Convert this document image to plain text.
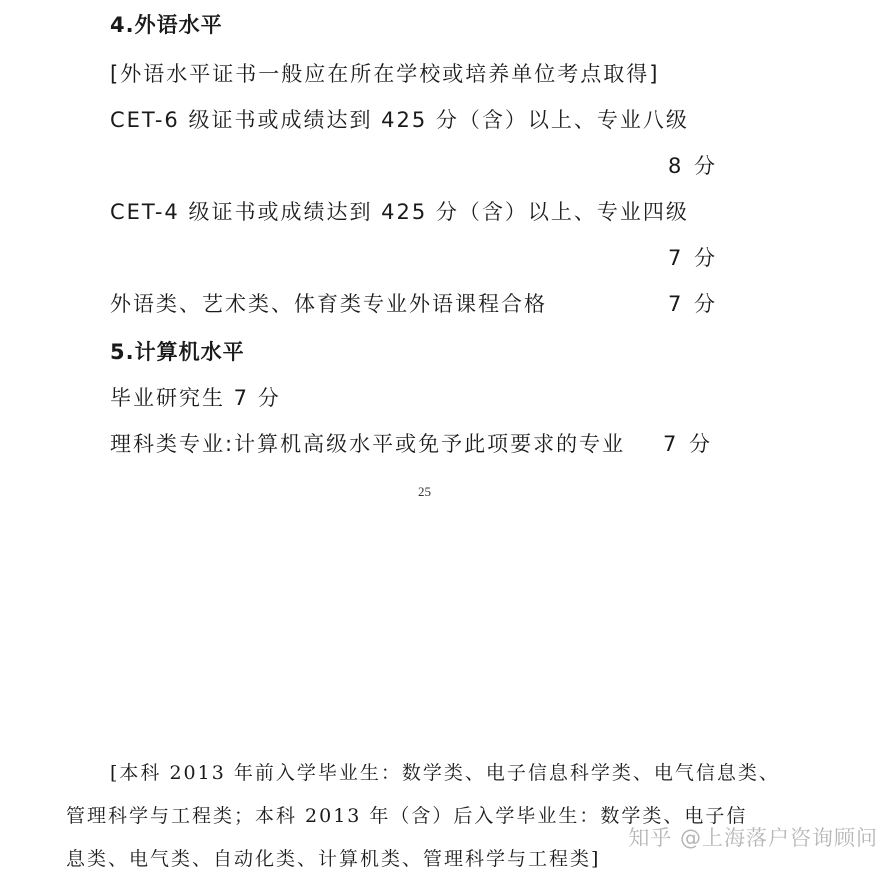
4.外语水平
[外语水平证书一般应在所在学校或培养单位考点取得]
CET-6 级证书或成绩达到 425 分（含）以上、专业八级
8 分
CET-4 级证书或成绩达到 425 分（含）以上、专业四级
7 分
外语类、艺术类、体育类专业外语课程合格	7 分
5.计算机水平
毕业研究生 7 分
理科类专业:计算机高级水平或免予此项要求的专业 7 分
25
[本科 2013 年前入学毕业生：数学类、电子信息科学类、电气信息类、
管理科学与工程类；本科 2013 年（含）后入学毕业生：数学类、电子信
息类、电气类、自动化类、计算机类、管理科学与工程类]
知乎 @上海落户咨询顾问
